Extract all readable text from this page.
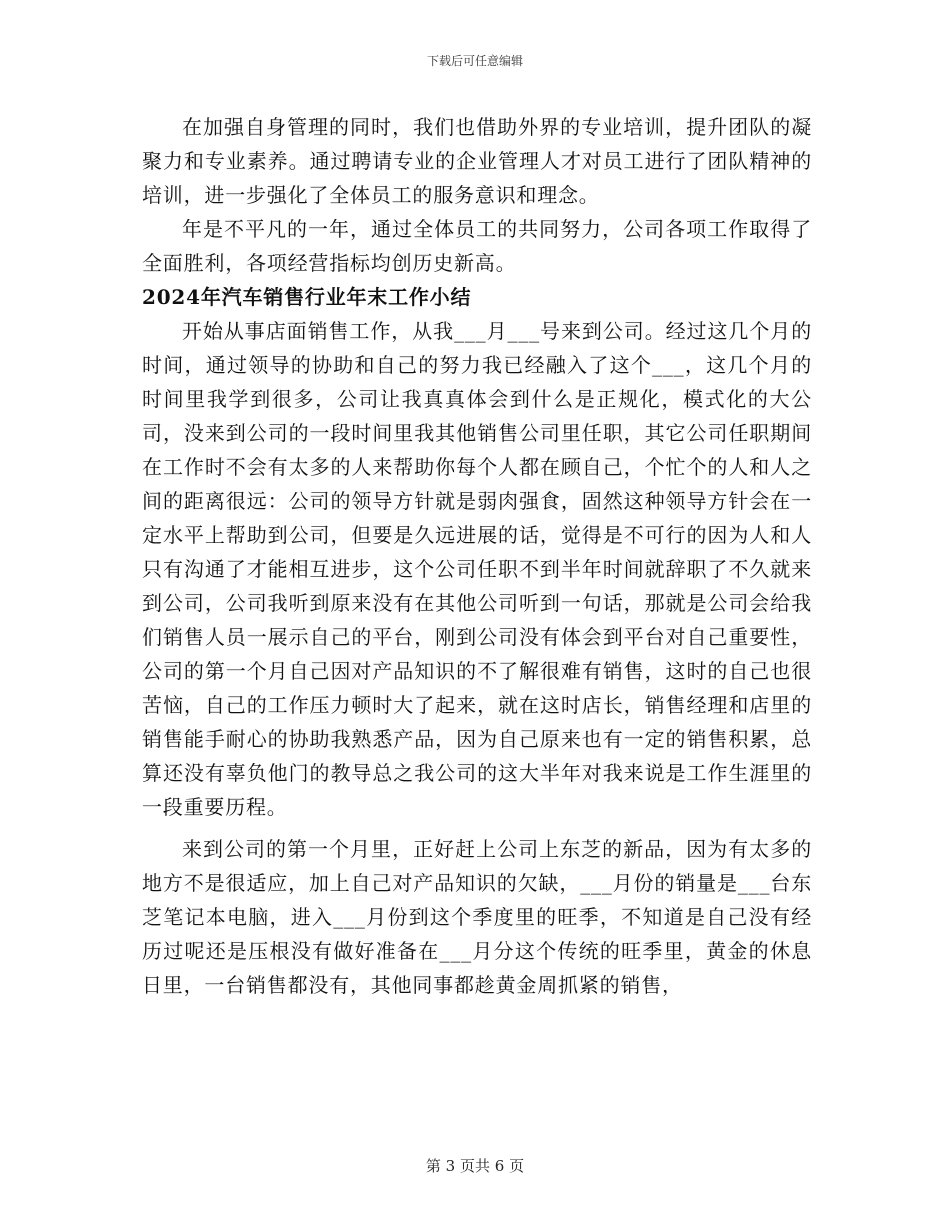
下载后可任意编辑

在加强自身管理的同时，我们也借助外界的专业培训，提升团队的凝聚力和专业素养。通过聘请专业的企业管理人才对员工进行了团队精神的培训，进一步强化了全体员工的服务意识和理念。

年是不平凡的一年，通过全体员工的共同努力，公司各项工作取得了全面胜利，各项经营指标均创历史新高。

2024年汽车销售行业年末工作小结

开始从事店面销售工作，从我___月___号来到公司。经过这几个月的时间，通过领导的协助和自己的努力我已经融入了这个___，这几个月的时间里我学到很多，公司让我真真体会到什么是正规化，模式化的大公司，没来到公司的一段时间里我其他销售公司里任职，其它公司任职期间在工作时不会有太多的人来帮助你每个人都在顾自己，个忙个的人和人之间的距离很远：公司的领导方针就是弱肉强食，固然这种领导方针会在一定水平上帮助到公司，但要是久远进展的话，觉得是不可行的因为人和人只有沟通了才能相互进步，这个公司任职不到半年时间就辞职了不久就来到公司，公司我听到原来没有在其他公司听到一句话，那就是公司会给我们销售人员一展示自己的平台，刚到公司没有体会到平台对自己重要性，公司的第一个月自己因对产品知识的不了解很难有销售，这时的自己也很苦恼，自己的工作压力顿时大了起来，就在这时店长，销售经理和店里的销售能手耐心的协助我熟悉产品，因为自己原来也有一定的销售积累，总算还没有辜负他门的教导总之我公司的这大半年对我来说是工作生涯里的一段重要历程。

来到公司的第一个月里，正好赶上公司上东芝的新品，因为有太多的地方不是很适应，加上自己对产品知识的欠缺，___月份的销量是___台东芝笔记本电脑，进入___月份到这个季度里的旺季，不知道是自己没有经历过呢还是压根没有做好准备在___月分这个传统的旺季里，黄金的休息日里，一台销售都没有，其他同事都趁黄金周抓紧的销售，

第 3 页共 6 页
